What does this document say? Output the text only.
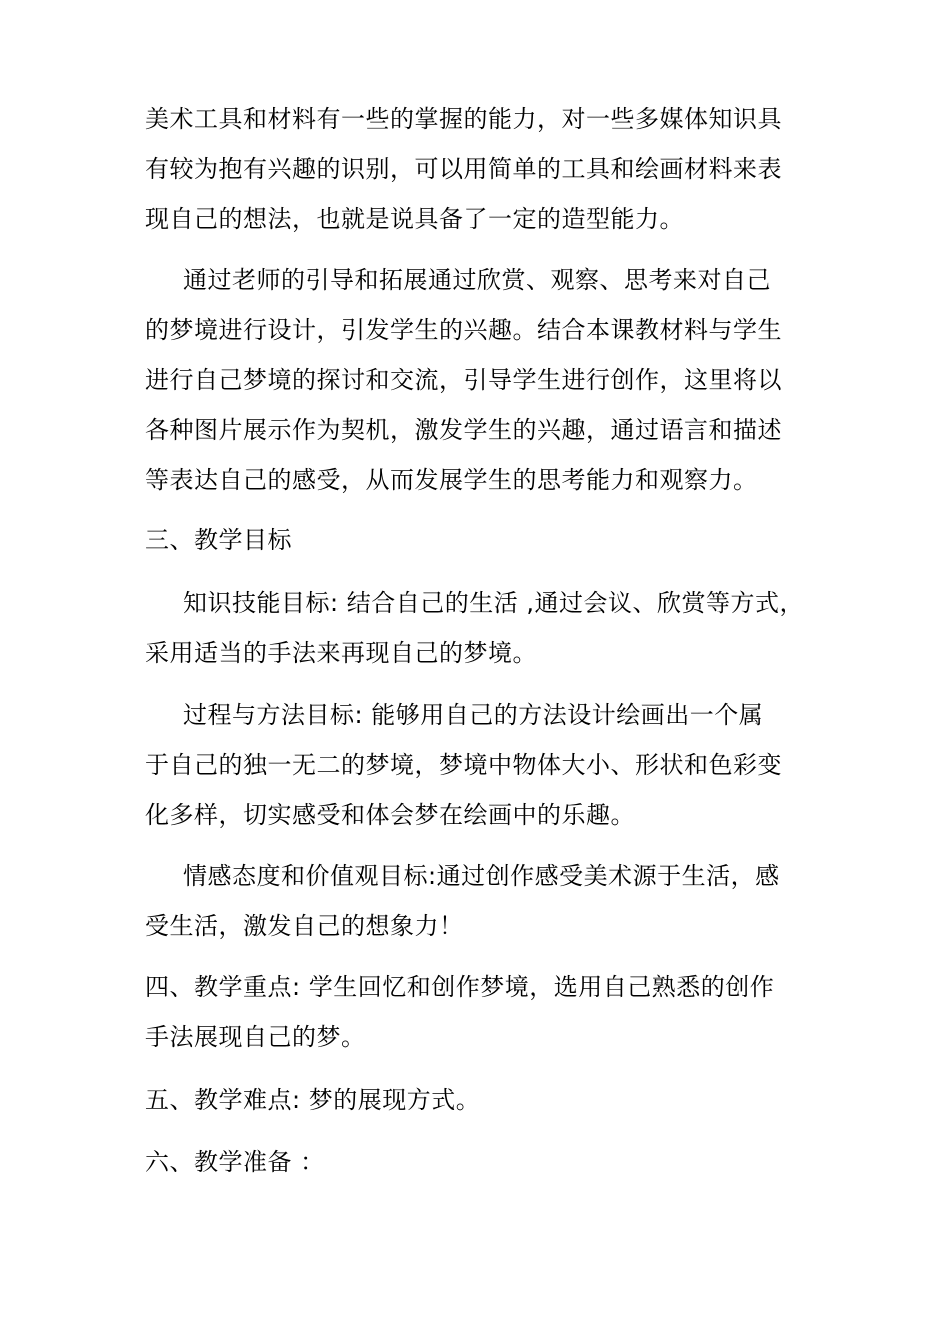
美术工具和材料有一些的掌握的能力，对一些多媒体知识具
有较为抱有兴趣的识别，可以用简单的工具和绘画材料来表
现自己的想法，也就是说具备了一定的造型能力。
通过老师的引导和拓展通过欣赏、观察、思考来对自己
的梦境进行设计，引发学生的兴趣。结合本课教材料与学生
进行自己梦境的探讨和交流，引导学生进行创作，这里将以
各种图片展示作为契机，激发学生的兴趣，通过语言和描述
等表达自己的感受，从而发展学生的思考能力和观察力。
三、教学目标
知识技能目标: 结合自己的生活 ,通过会议、欣赏等方式，
采用适当的手法来再现自己的梦境。
过程与方法目标: 能够用自己的方法设计绘画出一个属
于自己的独一无二的梦境，梦境中物体大小、形状和色彩变
化多样，切实感受和体会梦在绘画中的乐趣。
情感态度和价值观目标:通过创作感受美术源于生活，感
受生活，激发自己的想象力！
四、教学重点: 学生回忆和创作梦境，选用自己熟悉的创作
手法展现自己的梦。
五、教学难点: 梦的展现方式。
六、教学准备 ：
